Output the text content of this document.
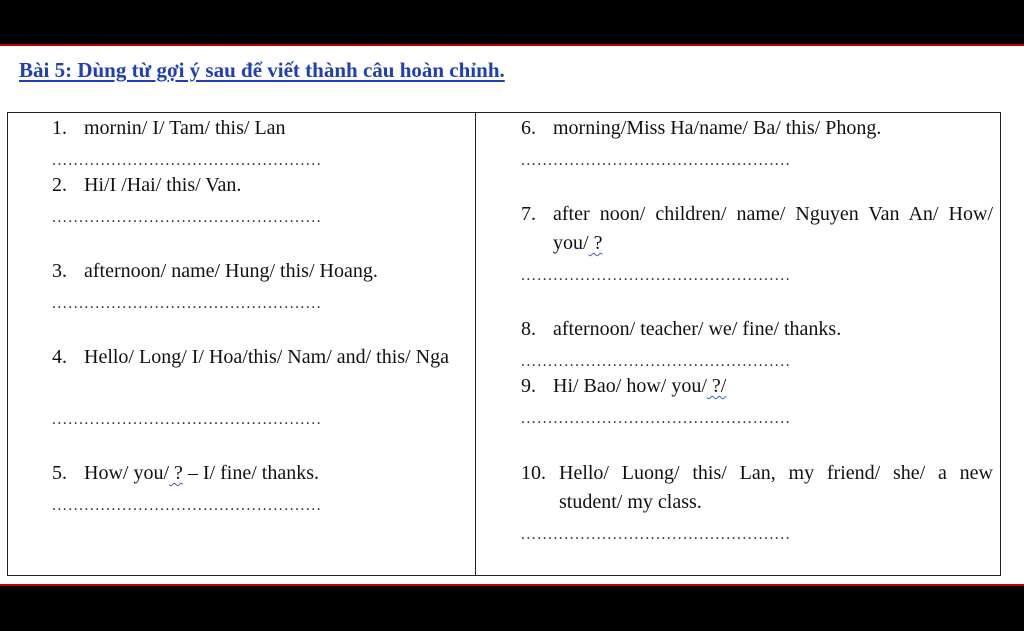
Bài 5: Dùng từ gợi ý sau để viết thành câu hoàn chỉnh.
1. mornin/ I/ Tam/ this/ Lan
..................................................
2. Hi/I /Hai/ this/ Van.
..................................................
3. afternoon/ name/ Hung/ this/ Hoang.
..................................................
4. Hello/ Long/ I/ Hoa/this/ Nam/ and/ this/ Nga
..................................................
5. How/ you/ ? – I/ fine/ thanks.
..................................................
6. morning/Miss Ha/name/ Ba/ this/ Phong.
..................................................
7. after noon/ children/ name/ Nguyen Van An/ How/ you/ ?
..................................................
8. afternoon/ teacher/ we/ fine/ thanks.
..................................................
9. Hi/ Bao/ how/ you/ ?/
..................................................
10. Hello/ Luong/ this/ Lan, my friend/ she/ a new student/ my class.
..................................................
